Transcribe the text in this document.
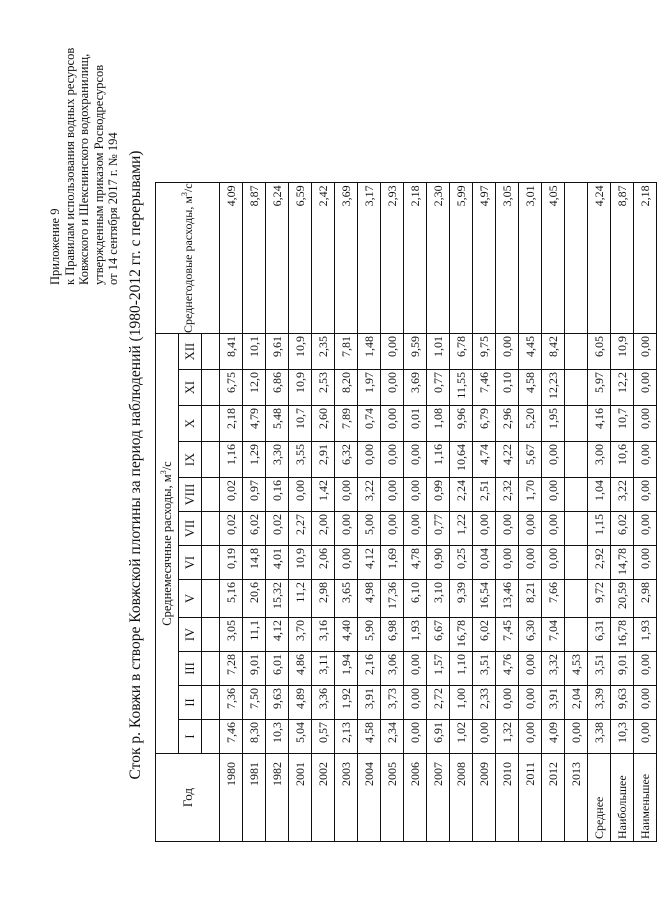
Приложение 9 к Правилам использования водных ресурсов Ковжского и Шекснинского водохранилищ, утвержденным приказом Росводресурсов от 14 сентября 2017 г. № 194 Сток р. Ковжи в створе Ковжской плотины за период наблюдений (1980-2012 гг. с перерывами)
Год	Среднемесячные расходы, $м^3/с$												Среднегодовые расходы, $м^3/с$
	I	II	III	IV	V	VI	VII	VIII	IX	X	XI	XII	

1980	7,46	7,36	7,28	3,05	5,16	0,19	0,02	0,02	1,16	2,18	6,75	8,41	4,09
1981	8,30	7,50	9,01	11,1	20,6	14,8	6,02	0,97	1,29	4,79	12,0	10,1	8,87
1982	10,3	9,63	6,01	4,12	15,32	4,01	0,02	0,16	3,30	5,48	6,86	9,61	6,24
2001	5,04	4,89	4,86	3,70	11,2	10,9	2,27	0,00	3,55	10,7	10,9	10,9	6,59
2002	0,57	3,36	3,11	3,16	2,98	2,06	2,00	1,42	2,91	2,60	2,53	2,35	2,42
2003	2,13	1,92	1,94	4,40	3,65	0,00	0,00	0,00	6,32	7,89	8,20	7,81	3,69
2004	4,58	3,91	2,16	5,90	4,98	4,12	5,00	3,22	0,00	0,74	1,97	1,48	3,17
2005	2,34	3,73	3,06	6,98	17,36	1,69	0,00	0,00	0,00	0,00	0,00	0,00	2,93
2006	0,00	0,00	0,00	1,93	6,10	4,78	0,00	0,00	0,00	0,01	3,69	9,59	2,18
2007	6,91	2,72	1,57	6,67	3,10	0,90	0,77	0,99	1,16	1,08	0,77	1,01	2,30
2008	1,02	1,00	1,10	16,78	9,39	0,25	1,22	2,24	10,64	9,96	11,55	6,78	5,99
2009	0,00	2,33	3,51	6,02	16,54	0,04	0,00	2,51	4,74	6,79	7,46	9,75	4,97
2010	1,32	0,00	4,76	7,45	13,46	0,00	0,00	2,32	4,22	2,96	0,10	0,00	3,05
2011	0,00	0,00	0,00	6,30	8,21	0,00	0,00	1,70	5,67	5,20	4,58	4,45	3,01
2012	4,09	3,91	3,32	7,04	7,66	0,00	0,00	0,00	0,00	1,95	12,23	8,42	4,05
2013	0,00	2,04	4,53										
Среднее	3,38	3,39	3,51	6,31	9,72	2,92	1,15	1,04	3,00	4,16	5,97	6,05	4,24
Наибольшее	10,3	9,63	9,01	16,78	20,59	14,78	6,02	3,22	10,6	10,7	12,2	10,9	8,87
Наименьшее	0,00	0,00	0,00	1,93	2,98	0,00	0,00	0,00	0,00	0,00	0,00	0,00	2,18
